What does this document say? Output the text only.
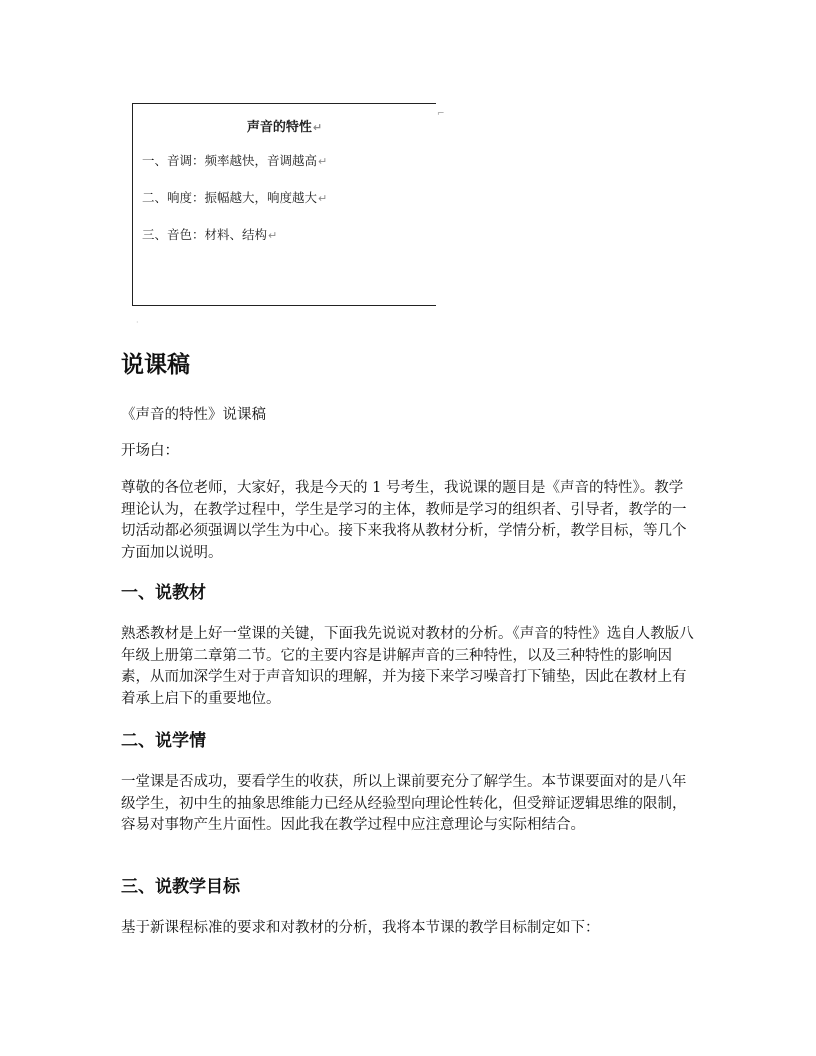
声音的特性↵
一、音调：频率越快，音调越高↵
二、响度：振幅越大，响度越大↵
三、音色：材料、结构↵
⌐
·
说课稿

《声音的特性》说课稿

开场白：

尊敬的各位老师，大家好，我是今天的 1 号考生，我说课的题目是《声音的特性》。教学理论认为，在教学过程中，学生是学习的主体，教师是学习的组织者、引导者，教学的一切活动都必须强调以学生为中心。接下来我将从教材分析，学情分析，教学目标，等几个方面加以说明。

一、说教材

熟悉教材是上好一堂课的关键，下面我先说说对教材的分析。《声音的特性》选自人教版八年级上册第二章第二节。它的主要内容是讲解声音的三种特性，以及三种特性的影响因素，从而加深学生对于声音知识的理解，并为接下来学习噪音打下铺垫，因此在教材上有着承上启下的重要地位。

二、说学情

一堂课是否成功，要看学生的收获，所以上课前要充分了解学生。本节课要面对的是八年级学生，初中生的抽象思维能力已经从经验型向理论性转化，但受辩证逻辑思维的限制，容易对事物产生片面性。因此我在教学过程中应注意理论与实际相结合。

三、说教学目标

基于新课程标准的要求和对教材的分析，我将本节课的教学目标制定如下：
